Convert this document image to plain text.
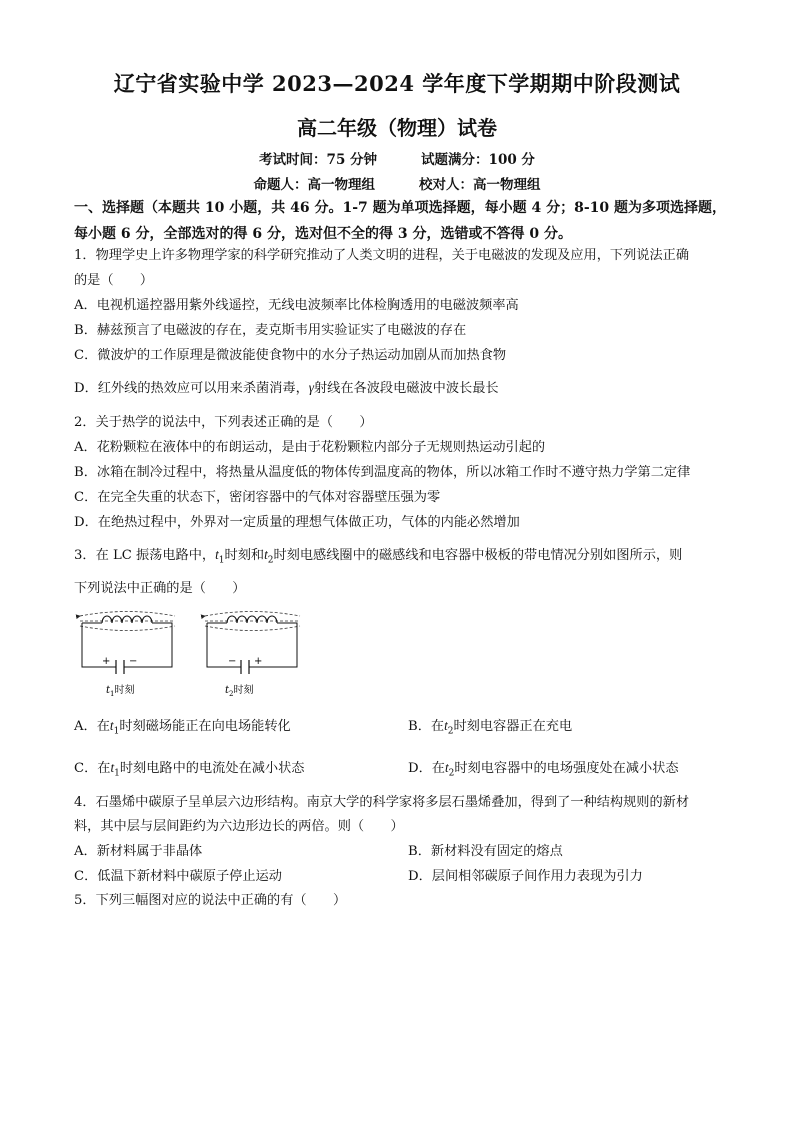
辽宁省实验中学 2023—2024 学年度下学期期中阶段测试
高二年级（物理）试卷
考试时间：75 分钟	试题满分：100 分
命题人：高一物理组	校对人：高一物理组
一、选择题（本题共 10 小题，共 46 分。1-7 题为单项选择题，每小题 4 分；8-10 题为多项选择题，每小题 6 分，全部选对的得 6 分，选对但不全的得 3 分，选错或不答得 0 分。
1．物理学史上许多物理学家的科学研究推动了人类文明的进程，关于电磁波的发现及应用，下列说法正确
的是（　　）
A．电视机遥控器用紫外线遥控，无线电波频率比体检胸透用的电磁波频率高
B．赫兹预言了电磁波的存在，麦克斯韦用实验证实了电磁波的存在
C．微波炉的工作原理是微波能使食物中的水分子热运动加剧从而加热食物
D．红外线的热效应可以用来杀菌消毒，γ射线在各波段电磁波中波长最长
2．关于热学的说法中，下列表述正确的是（　　）
A．花粉颗粒在液体中的布朗运动，是由于花粉颗粒内部分子无规则热运动引起的
B．冰箱在制冷过程中，将热量从温度低的物体传到温度高的物体，所以冰箱工作时不遵守热力学第二定律
C．在完全失重的状态下，密闭容器中的气体对容器壁压强为零
D．在绝热过程中，外界对一定质量的理想气体做正功，气体的内能必然增加
3．在 LC 振荡电路中，$t_1$时刻和$t_2$时刻电感线圈中的磁感线和电容器中极板的带电情况分别如图所示，则
下列说法中正确的是（　　）
+ −
$t_1$时刻
− +
$t_2$时刻
A．在$t_1$时刻磁场能正在向电场能转化	B．在$t_2$时刻电容器正在充电
C．在$t_1$时刻电路中的电流处在减小状态	D．在$t_2$时刻电容器中的电场强度处在减小状态
4．石墨烯中碳原子呈单层六边形结构。南京大学的科学家将多层石墨烯叠加，得到了一种结构规则的新材
料，其中层与层间距约为六边形边长的两倍。则（　　）
A．新材料属于非晶体	B．新材料没有固定的熔点
C．低温下新材料中碳原子停止运动	D．层间相邻碳原子间作用力表现为引力
5．下列三幅图对应的说法中正确的有（　　）
